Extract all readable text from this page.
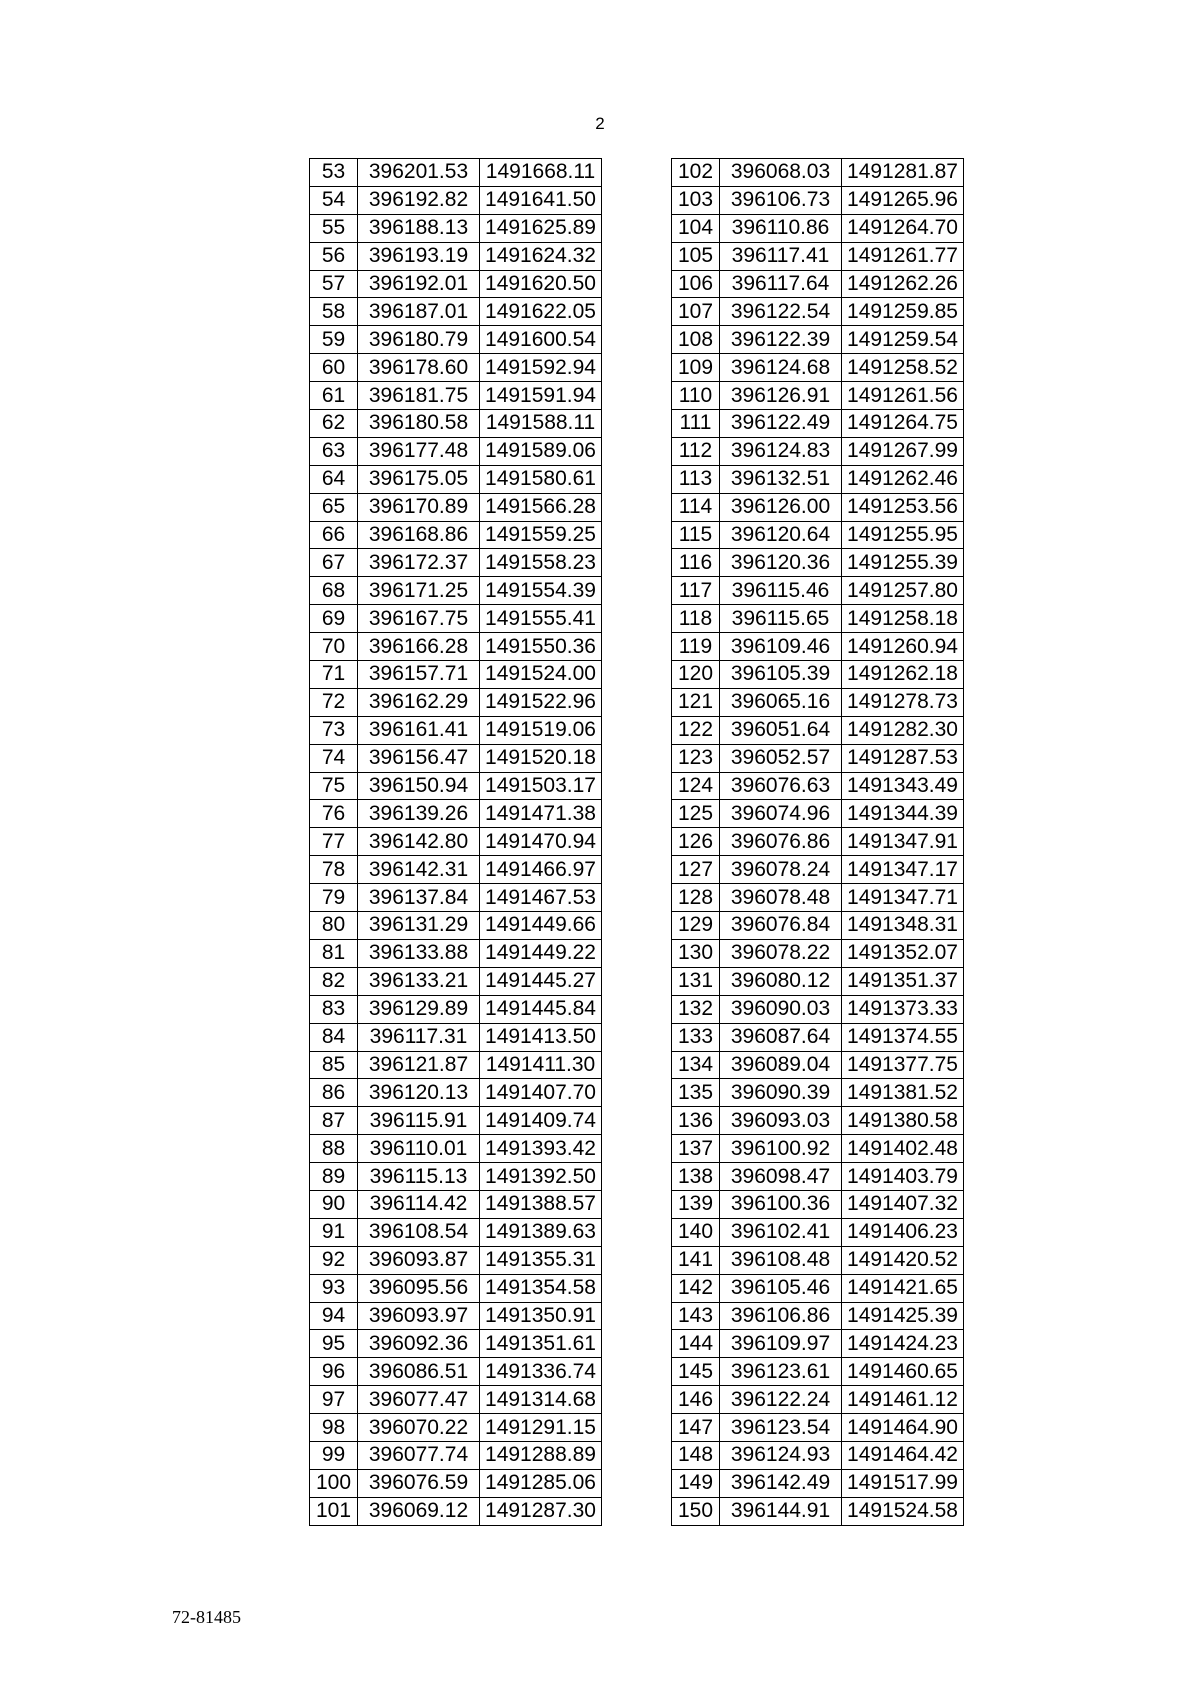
2
53	396201.53	1491668.11
54	396192.82	1491641.50
55	396188.13	1491625.89
56	396193.19	1491624.32
57	396192.01	1491620.50
58	396187.01	1491622.05
59	396180.79	1491600.54
60	396178.60	1491592.94
61	396181.75	1491591.94
62	396180.58	1491588.11
63	396177.48	1491589.06
64	396175.05	1491580.61
65	396170.89	1491566.28
66	396168.86	1491559.25
67	396172.37	1491558.23
68	396171.25	1491554.39
69	396167.75	1491555.41
70	396166.28	1491550.36
71	396157.71	1491524.00
72	396162.29	1491522.96
73	396161.41	1491519.06
74	396156.47	1491520.18
75	396150.94	1491503.17
76	396139.26	1491471.38
77	396142.80	1491470.94
78	396142.31	1491466.97
79	396137.84	1491467.53
80	396131.29	1491449.66
81	396133.88	1491449.22
82	396133.21	1491445.27
83	396129.89	1491445.84
84	396117.31	1491413.50
85	396121.87	1491411.30
86	396120.13	1491407.70
87	396115.91	1491409.74
88	396110.01	1491393.42
89	396115.13	1491392.50
90	396114.42	1491388.57
91	396108.54	1491389.63
92	396093.87	1491355.31
93	396095.56	1491354.58
94	396093.97	1491350.91
95	396092.36	1491351.61
96	396086.51	1491336.74
97	396077.47	1491314.68
98	396070.22	1491291.15
99	396077.74	1491288.89
100	396076.59	1491285.06
101	396069.12	1491287.30
102	396068.03	1491281.87
103	396106.73	1491265.96
104	396110.86	1491264.70
105	396117.41	1491261.77
106	396117.64	1491262.26
107	396122.54	1491259.85
108	396122.39	1491259.54
109	396124.68	1491258.52
110	396126.91	1491261.56
111	396122.49	1491264.75
112	396124.83	1491267.99
113	396132.51	1491262.46
114	396126.00	1491253.56
115	396120.64	1491255.95
116	396120.36	1491255.39
117	396115.46	1491257.80
118	396115.65	1491258.18
119	396109.46	1491260.94
120	396105.39	1491262.18
121	396065.16	1491278.73
122	396051.64	1491282.30
123	396052.57	1491287.53
124	396076.63	1491343.49
125	396074.96	1491344.39
126	396076.86	1491347.91
127	396078.24	1491347.17
128	396078.48	1491347.71
129	396076.84	1491348.31
130	396078.22	1491352.07
131	396080.12	1491351.37
132	396090.03	1491373.33
133	396087.64	1491374.55
134	396089.04	1491377.75
135	396090.39	1491381.52
136	396093.03	1491380.58
137	396100.92	1491402.48
138	396098.47	1491403.79
139	396100.36	1491407.32
140	396102.41	1491406.23
141	396108.48	1491420.52
142	396105.46	1491421.65
143	396106.86	1491425.39
144	396109.97	1491424.23
145	396123.61	1491460.65
146	396122.24	1491461.12
147	396123.54	1491464.90
148	396124.93	1491464.42
149	396142.49	1491517.99
150	396144.91	1491524.58
72-81485
